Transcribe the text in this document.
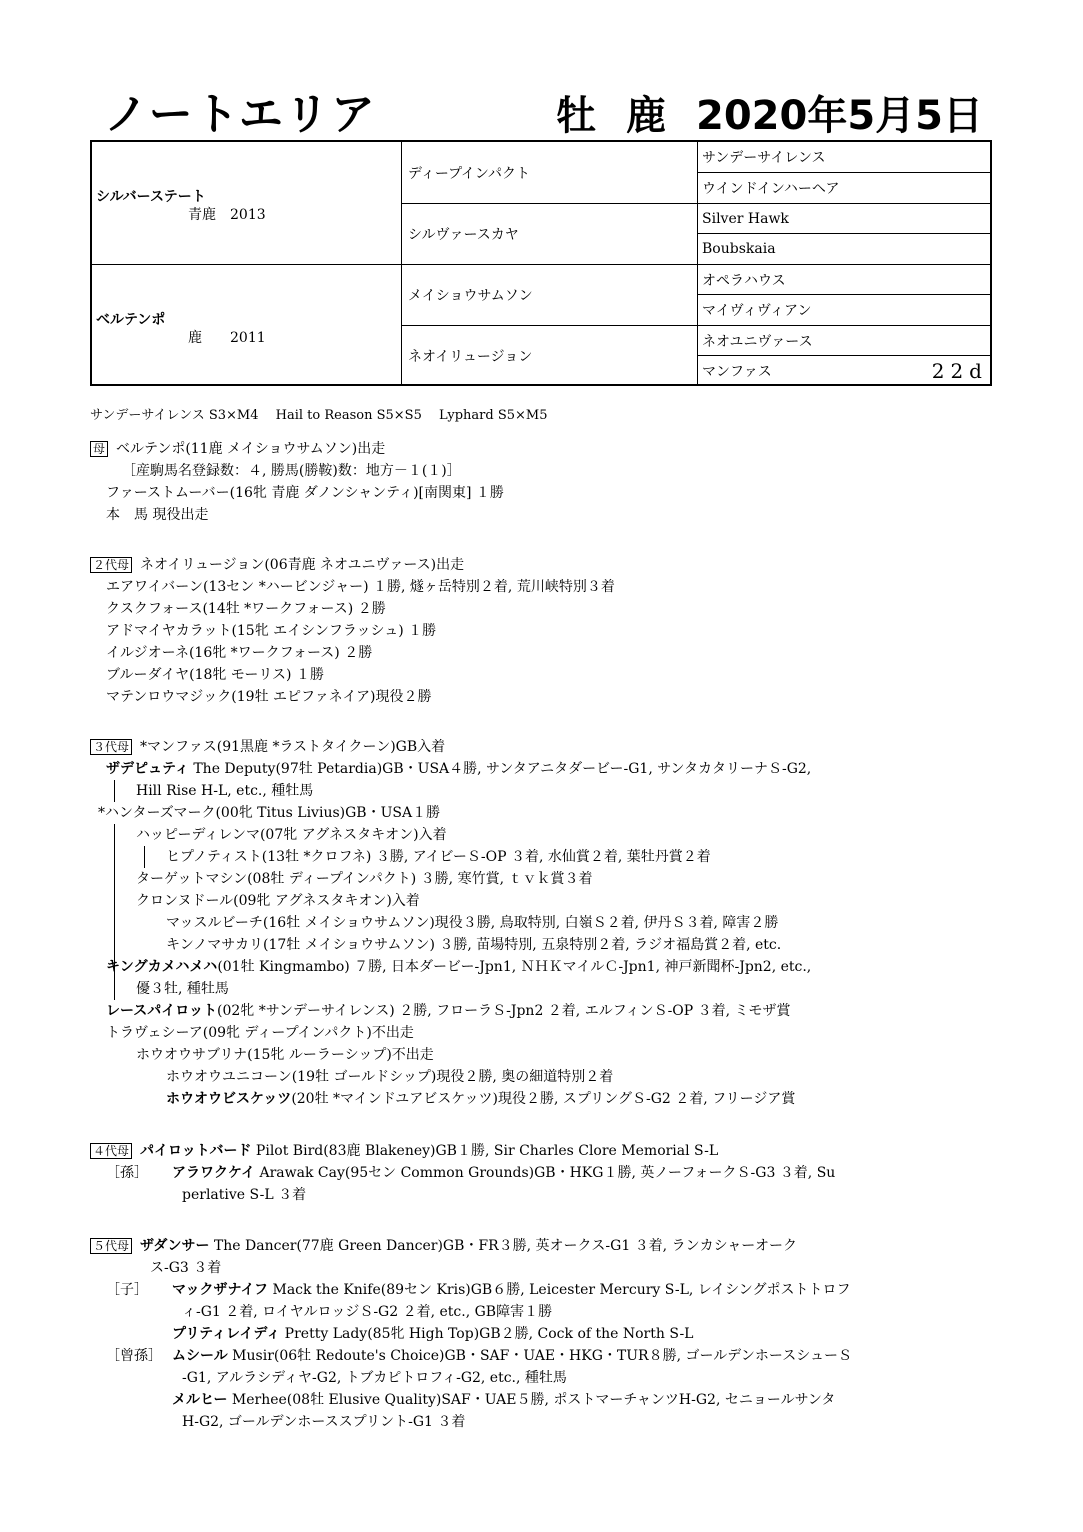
ノートエリア	牡 鹿 2020年5月5日
シルバーステート
青鹿　2013
ベルテンポ
鹿　　2011
ディープインパクト
シルヴァースカヤ
メイショウサムソン
ネオイリュージョン
サンデーサイレンス
ウインドインハーヘア
Silver Hawk
Boubskaia
オペラハウス
マイヴィヴィアン
ネオユニヴァース
マンファス	22d
サンデーサイレンス S3×M4　 Hail to Reason S5×S5　 Lyphard S5×M5
母 ベルテンポ(11鹿 メイショウサムソン)出走
［産駒馬名登録数：４, 勝馬(勝鞍)数：地方－１(１)］
ファーストムーバー(16牝 青鹿 ダノンシャンティ)[南関東] １勝
本　馬 現役出走
２代母 ネオイリュージョン(06青鹿 ネオユニヴァース)出走
エアワイバーン(13セン *ハービンジャー) １勝, 燧ヶ岳特別２着, 荒川峡特別３着
クスクフォース(14牡 *ワークフォース) ２勝
アドマイヤカラット(15牝 エイシンフラッシュ) １勝
イルジオーネ(16牝 *ワークフォース) ２勝
ブルーダイヤ(18牝 モーリス) １勝
マテンロウマジック(19牡 エピファネイア)現役２勝
３代母 *マンファス(91黒鹿 *ラストタイクーン)GB入着
ザデピュティ The Deputy(97牡 Petardia)GB・USA４勝, サンタアニタダービー-G1, サンタカタリーナＳ-G2,
Hill Rise H-L, etc., 種牡馬
*ハンターズマーク(00牝 Titus Livius)GB・USA１勝
ハッピーディレンマ(07牝 アグネスタキオン)入着
ヒプノティスト(13牡 *クロフネ) ３勝, アイビーＳ-OP ３着, 水仙賞２着, 葉牡丹賞２着
ターゲットマシン(08牡 ディープインパクト) ３勝, 寒竹賞, ｔｖｋ賞３着
クロンヌドール(09牝 アグネスタキオン)入着
マッスルビーチ(16牡 メイショウサムソン)現役３勝, 鳥取特別, 白嶺Ｓ２着, 伊丹Ｓ３着, 障害２勝
キンノマサカリ(17牡 メイショウサムソン) ３勝, 苗場特別, 五泉特別２着, ラジオ福島賞２着, etc.
キングカメハメハ(01牡 Kingmambo) ７勝, 日本ダービー-Jpn1, ＮＨＫマイルＣ-Jpn1, 神戸新聞杯-Jpn2, etc.,
優３牡, 種牡馬
レースパイロット(02牝 *サンデーサイレンス) ２勝, フローラＳ-Jpn2 ２着, エルフィンＳ-OP ３着, ミモザ賞
トラヴェシーア(09牝 ディープインパクト)不出走
ホウオウサブリナ(15牝 ルーラーシップ)不出走
ホウオウユニコーン(19牡 ゴールドシップ)現役２勝, 奥の細道特別２着
ホウオウビスケッツ(20牡 *マインドユアビスケッツ)現役２勝, スプリングＳ-G2 ２着, フリージア賞
４代母 パイロットバード Pilot Bird(83鹿 Blakeney)GB１勝, Sir Charles Clore Memorial S-L
［孫］ アラワクケイ Arawak Cay(95セン Common Grounds)GB・HKG１勝, 英ノーフォークＳ-G3 ３着, Su
perlative S-L ３着
５代母 ザダンサー The Dancer(77鹿 Green Dancer)GB・FR３勝, 英オークス-G1 ３着, ランカシャーオーク
ス-G3 ３着
［子］ マックザナイフ Mack the Knife(89セン Kris)GB６勝, Leicester Mercury S-L, レイシングポストトロフ
ィ-G1 ２着, ロイヤルロッジＳ-G2 ２着, etc., GB障害１勝
プリティレイディ Pretty Lady(85牝 High Top)GB２勝, Cock of the North S-L
［曾孫］ ムシール Musir(06牡 Redoute's Choice)GB・SAF・UAE・HKG・TUR８勝, ゴールデンホースシューＳ
-G1, アルラシディヤ-G2, トブカピトロフィ-G2, etc., 種牡馬
メルヒー Merhee(08牡 Elusive Quality)SAF・UAE５勝, ポストマーチャンツH-G2, セニョールサンタ
H-G2, ゴールデンホーススプリント-G1 ３着
